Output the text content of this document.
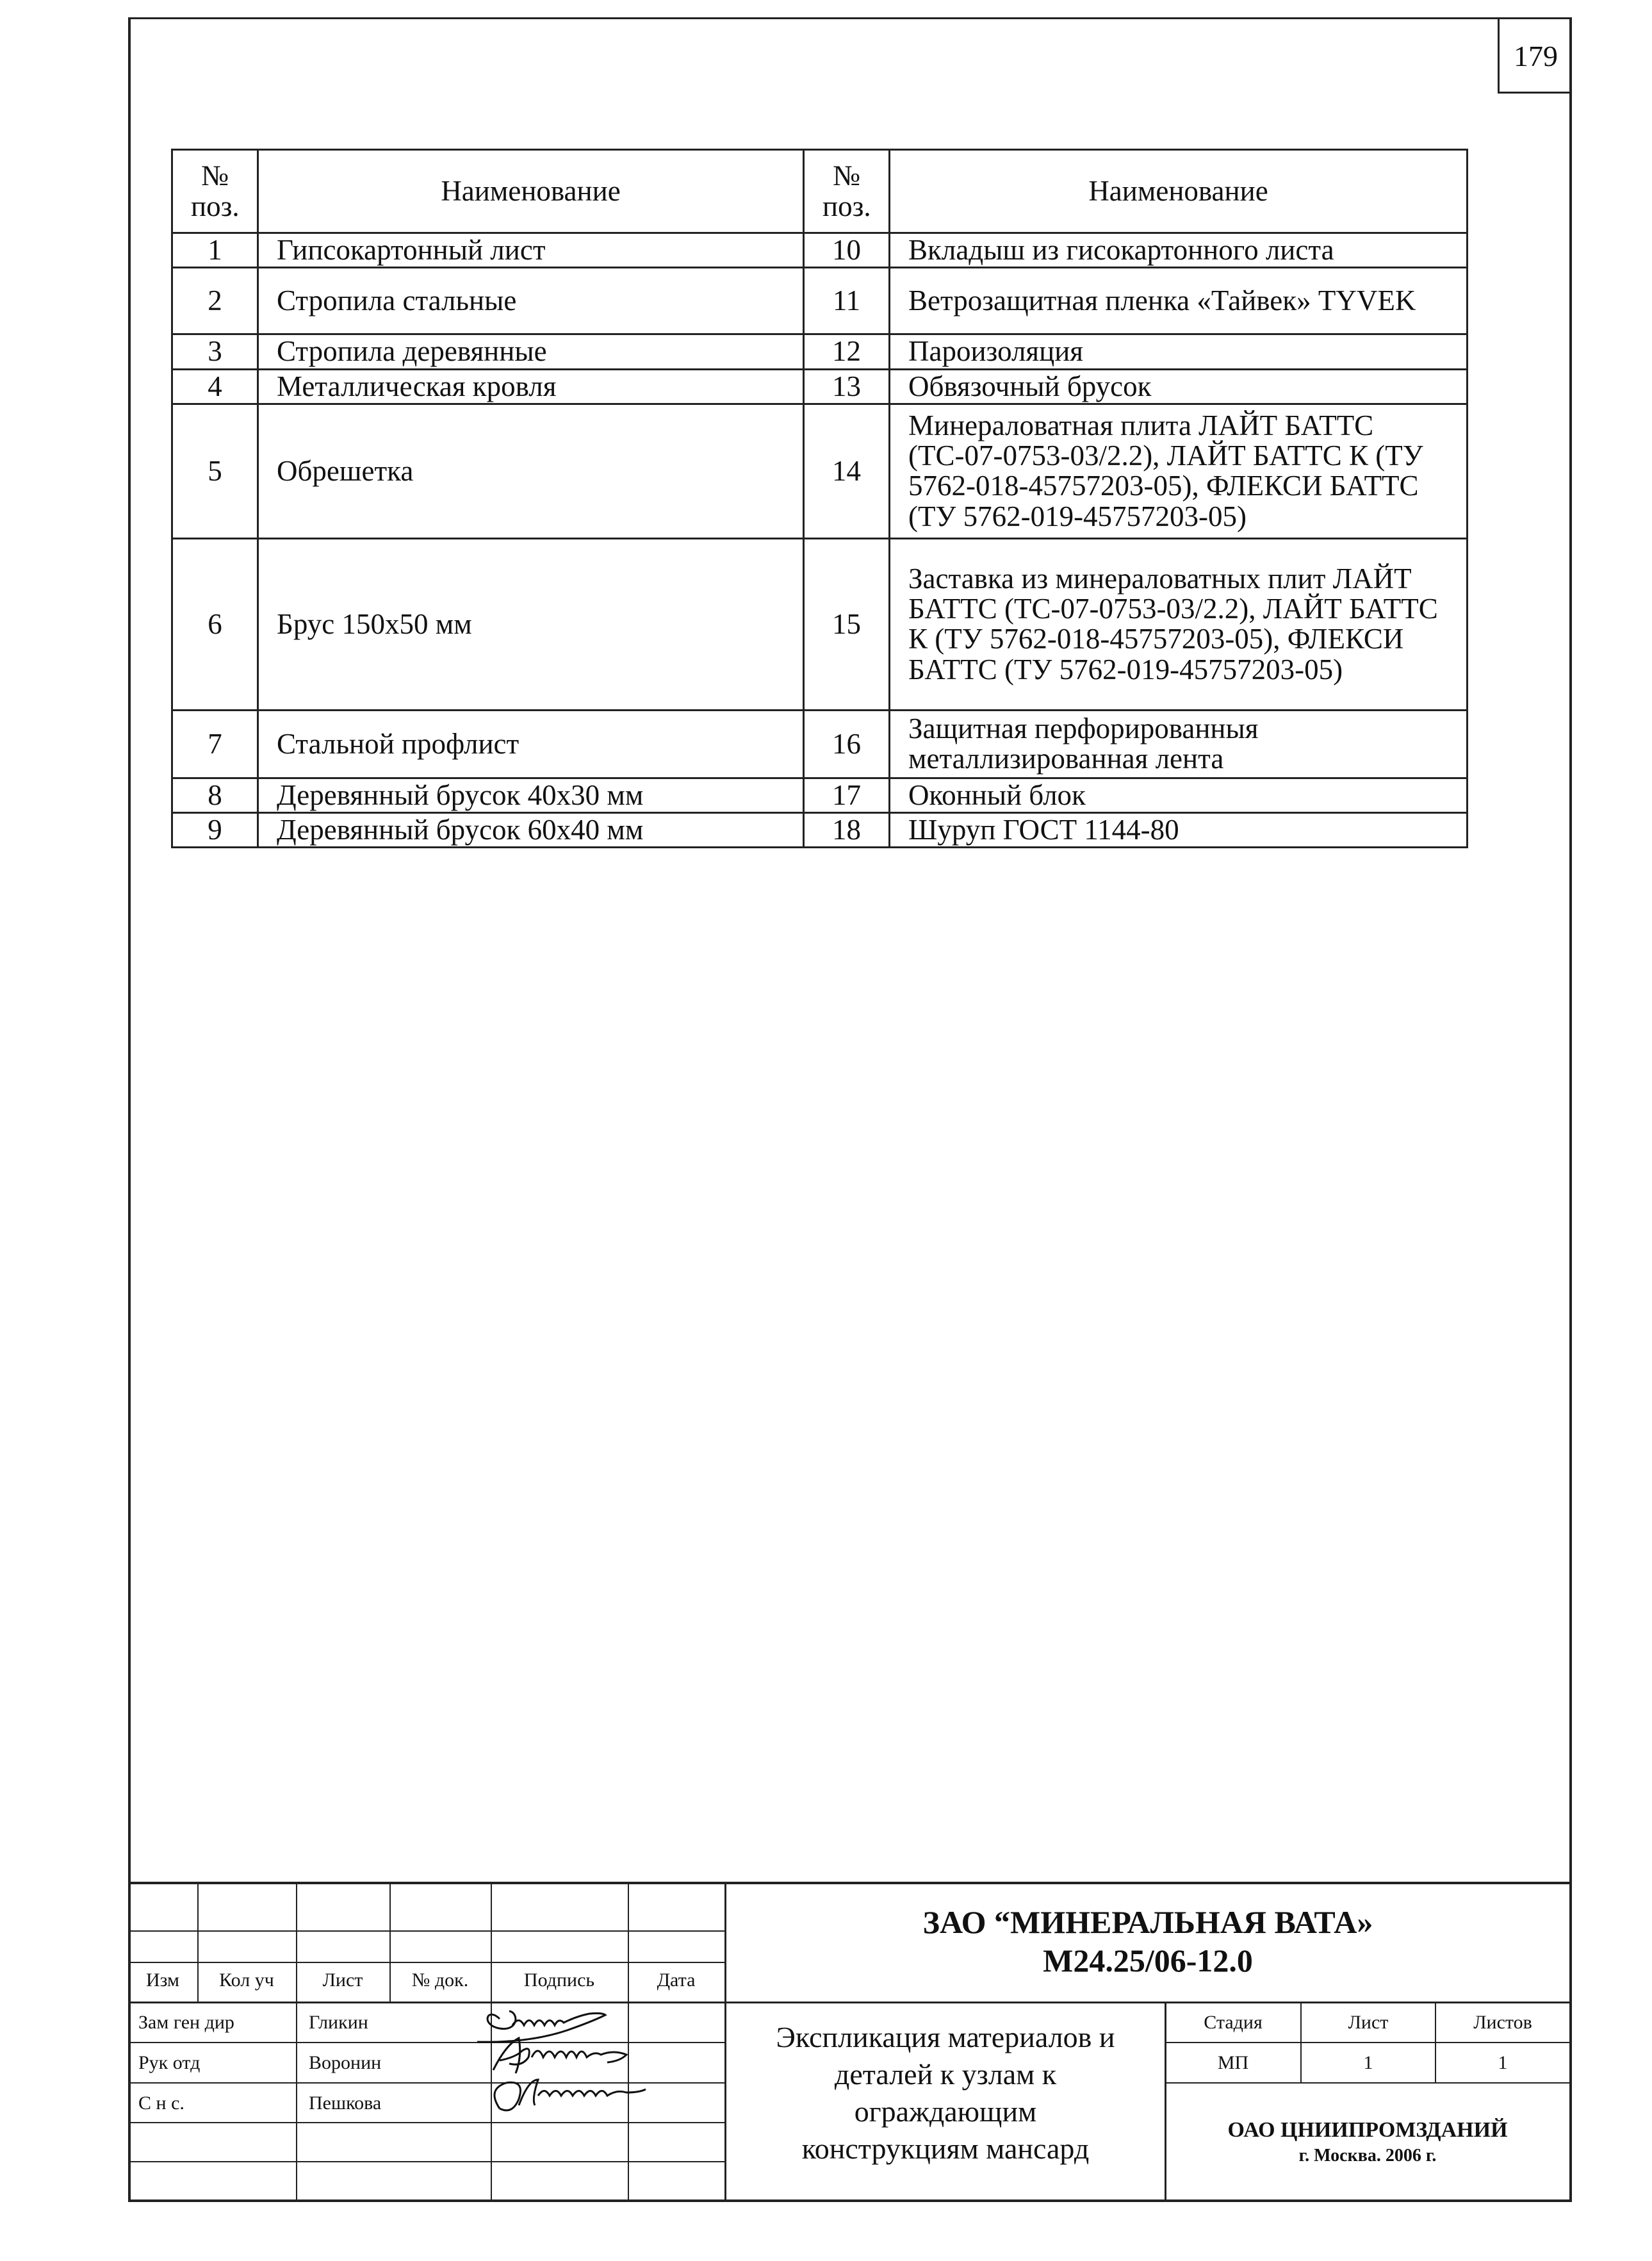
179
№ поз.	Наименование	№ поз.	Наименование
1	Гипсокартонный лист	10	Вкладыш из гисокартонного листа
2	Стропила стальные	11	Ветрозащитная пленка «Тайвек» TYVEK
3	Стропила деревянные	12	Пароизоляция
4	Металлическая кровля	13	Обвязочный брусок
5	Обрешетка	14	Минераловатная плита ЛАЙТ БАТТС (ТС-07-0753-03/2.2), ЛАЙТ БАТТС К (ТУ 5762-018-45757203-05), ФЛЕКСИ БАТТС (ТУ 5762-019-45757203-05)
6	Брус 150x50 мм	15	Заставка из минераловатных плит ЛАЙТ БАТТС (ТС-07-0753-03/2.2), ЛАЙТ БАТТС К (ТУ 5762-018-45757203-05), ФЛЕКСИ БАТТС (ТУ 5762-019-45757203-05)
7	Стальной профлист	16	Защитная перфорированныя металлизированная лента
8	Деревянный брусок 40x30 мм	17	Оконный блок
9	Деревянный брусок 60x40 мм	18	Шуруп ГОСТ 1144-80
Изм	Кол уч	Лист	№ док.	Подпись	Дата
Зам ген дир	Гликин
Рук отд	Воронин
С н с.	Пешкова
ЗАО “МИНЕРАЛЬНАЯ ВАТА»
М24.25/06-12.0
Экспликация материалов и
деталей к узлам к
ограждающим
конструкциям мансард
Стадия	Лист	Листов
МП	1	1
ОАО ЦНИИПРОМЗДАНИЙ
г. Москва. 2006 г.
